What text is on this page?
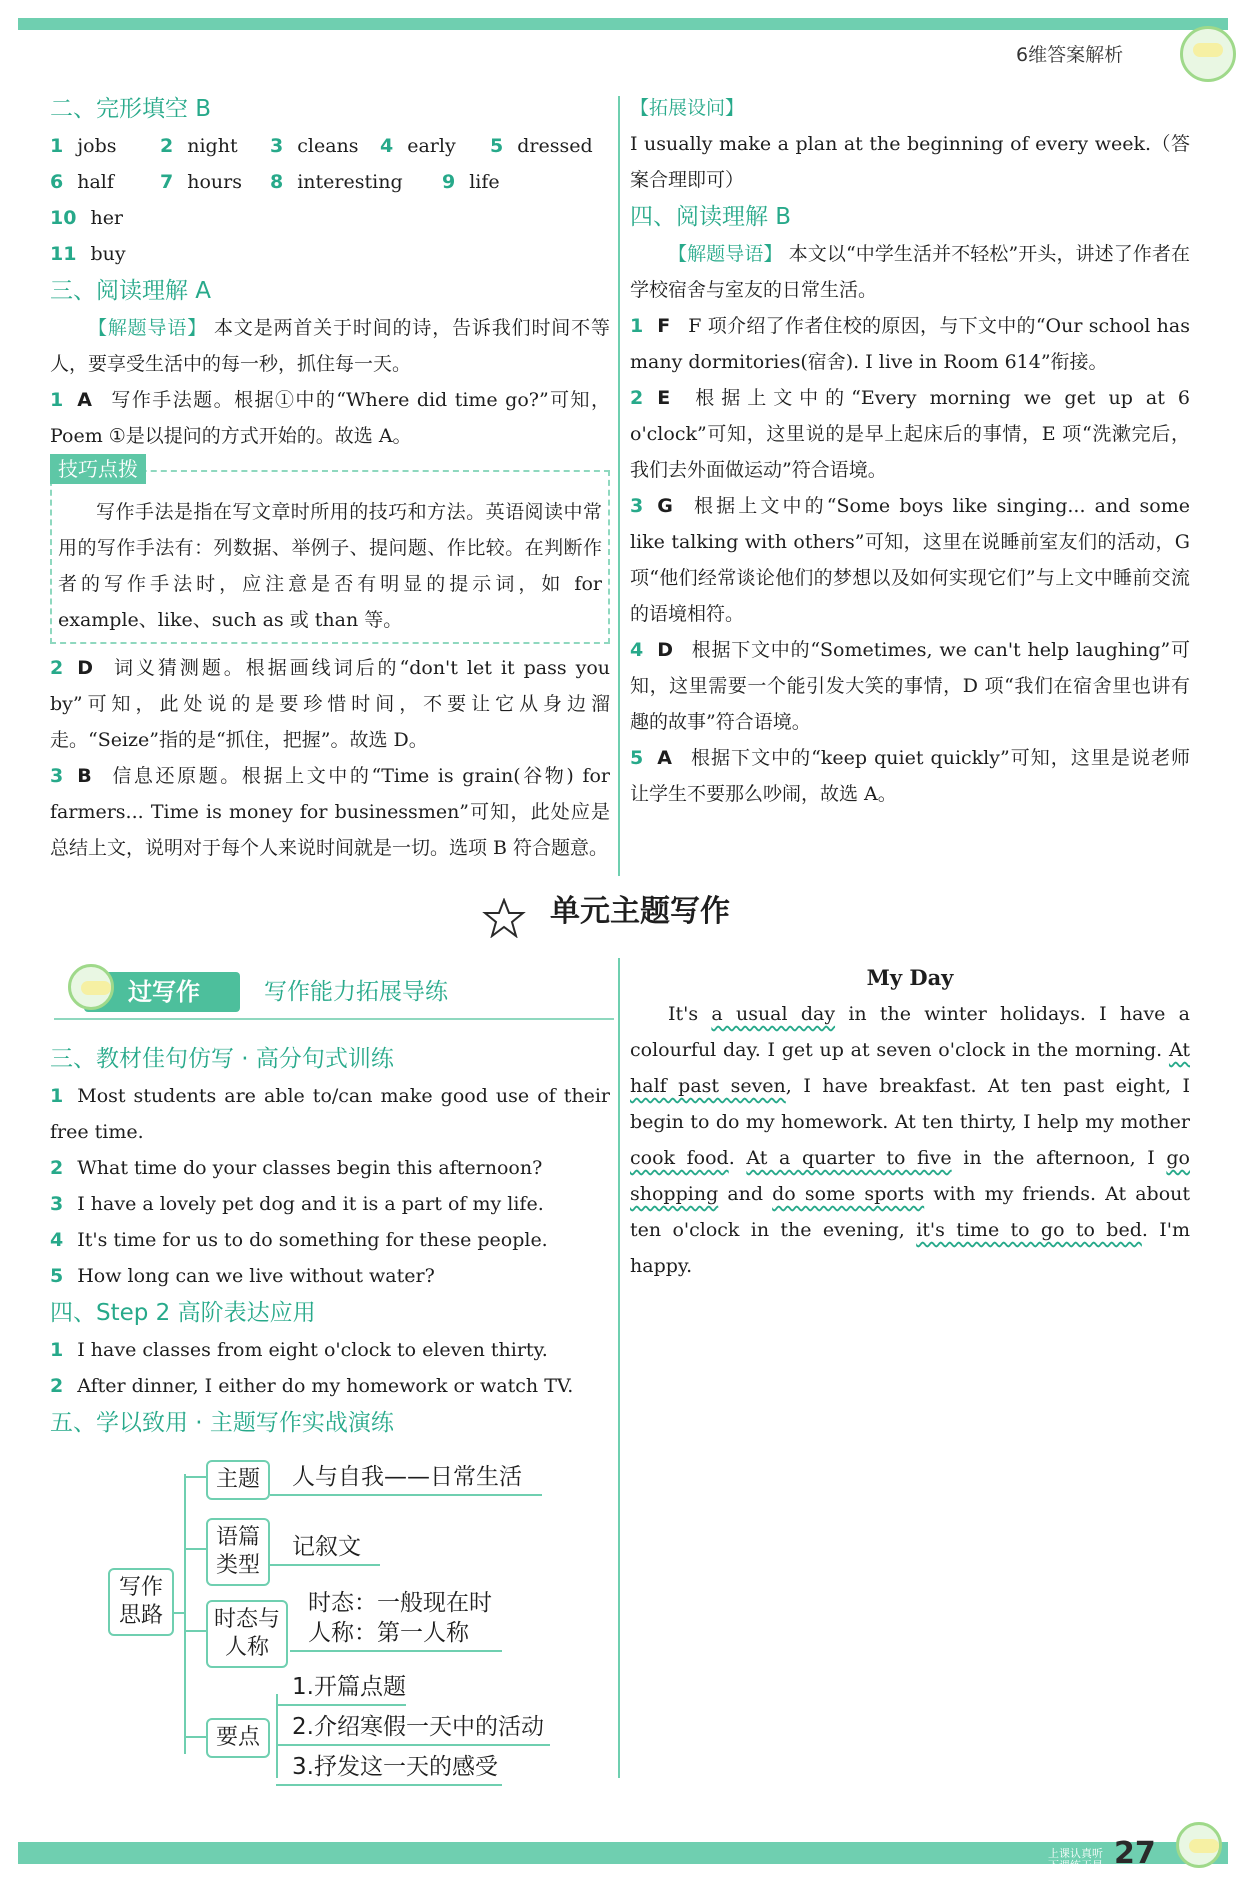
6维答案解析
二、完形填空 B
1 jobs	2 night	3 cleans 4 early	5 dressed
6 half	7 hours 8 interesting	9 life
10 her
11 buy
三、阅读理解 A

【解题导语】 本文是两首关于时间的诗，告诉我们时间不等人，要享受生活中的每一秒，抓住每一天。

1 A 写作手法题。根据①中的“Where did time go?”可知，Poem ①是以提问的方式开始的。故选 A。

技巧点拨

写作手法是指在写文章时所用的技巧和方法。英语阅读中常用的写作手法有：列数据、举例子、提问题、作比较。在判断作者的写作手法时，应注意是否有明显的提示词，如 for example、like、such as 或 than 等。

2 D 词义猜测题。根据画线词后的“don't let it pass you by”可知，此处说的是要珍惜时间，不要让它从身边溜走。“Seize”指的是“抓住，把握”。故选 D。

3 B 信息还原题。根据上文中的“Time is grain(谷物) for farmers... Time is money for businessmen”可知，此处应是总结上文，说明对于每个人来说时间就是一切。选项 B 符合题意。

【拓展设问】
I usually make a plan at the beginning of every week.（答案合理即可）

四、阅读理解 B

【解题导语】 本文以“中学生活并不轻松”开头，讲述了作者在学校宿舍与室友的日常生活。

1 F F 项介绍了作者住校的原因，与下文中的“Our school has many dormitories(宿舍). I live in Room 614”衔接。

2 E 根据上文中的“Every morning we get up at 6 o'clock”可知，这里说的是早上起床后的事情，E 项“洗漱完后，我们去外面做运动”符合语境。

3 G 根据上文中的“Some boys like singing... and some like talking with others”可知，这里在说睡前室友们的活动，G 项“他们经常谈论他们的梦想以及如何实现它们”与上文中睡前交流的语境相符。

4 D 根据下文中的“Sometimes, we can't help laughing”可知，这里需要一个能引发大笑的事情，D 项“我们在宿舍里也讲有趣的故事”符合语境。

5 A 根据下文中的“keep quiet quickly”可知，这里是说老师让学生不要那么吵闹，故选 A。

单元主题写作
过写作	写作能力拓展导练
三、教材佳句仿写 · 高分句式训练

1 Most students are able to/can make good use of their free time.

2 What time do your classes begin this afternoon?

3 I have a lovely pet dog and it is a part of my life.

4 It's time for us to do something for these people.

5 How long can we live without water?

四、Step 2 高阶表达应用

1 I have classes from eight o'clock to eleven thirty.

2 After dinner, I either do my homework or watch TV.

五、学以致用 · 主题写作实战演练
写作思路
主题	人与自我——日常生活
语篇类型
记叙文
时态与人称
时态：一般现在时
人称：第一人称
要点
1.开篇点题
2.介绍寒假一天中的活动
3.抒发这一天的感受
My Day

It's a usual day in the winter holidays. I have a colourful day. I get up at seven o'clock in the morning. At half past seven, I have breakfast. At ten past eight, I begin to do my homework. At ten thirty, I help my mother cook food. At a quarter to five in the afternoon, I go shopping and do some sports with my friends. At about ten o'clock in the evening, it's time to go to bed. I'm happy.

上课认真听
下课练天星 27
